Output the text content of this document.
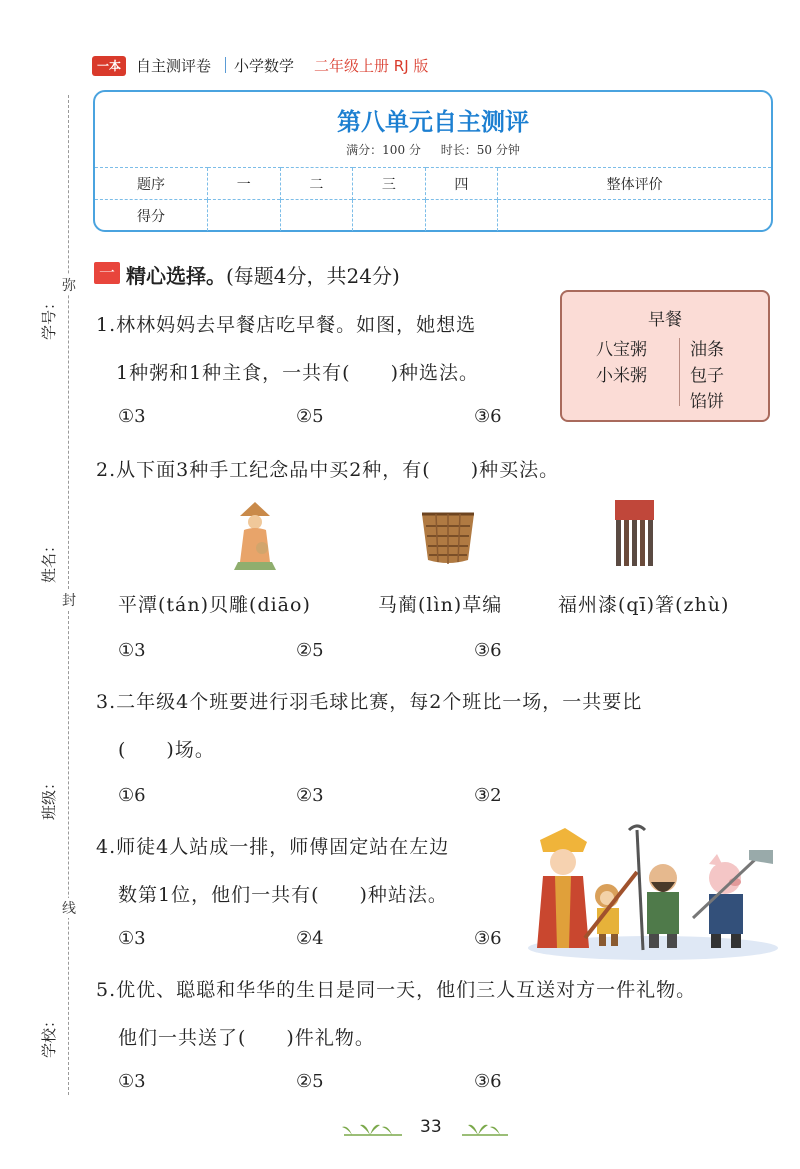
一本	自主测评卷 小学数学 二年级上册 RJ 版
第八单元自主测评
满分：100 分 时长：50 分钟
题序	一	二	三	四	整体评价
得分					
学号：
姓名：
班级：
学校：
弥
封
线
一 精心选择。(每题4分，共24分)
1.林林妈妈去早餐店吃早餐。如图，她想选
1种粥和1种主食，一共有(　　)种选法。
①3	②5	③6
早餐
八宝粥
小米粥
油条
包子
馅饼
2.从下面3种手工纪念品中买2种，有(　　)种买法。
平潭(tán)贝雕(diāo)	马蔺(lìn)草编	福州漆(qī)箸(zhù)
①3	②5	③6
3.二年级4个班要进行羽毛球比赛，每2个班比一场，一共要比
(　　)场。
①6	②3	③2
4.师徒4人站成一排，师傅固定站在左边
数第1位，他们一共有(　　)种站法。
①3	②4	③6
5.优优、聪聪和华华的生日是同一天，他们三人互送对方一件礼物。
他们一共送了(　　)件礼物。
①3	②5	③6
33
